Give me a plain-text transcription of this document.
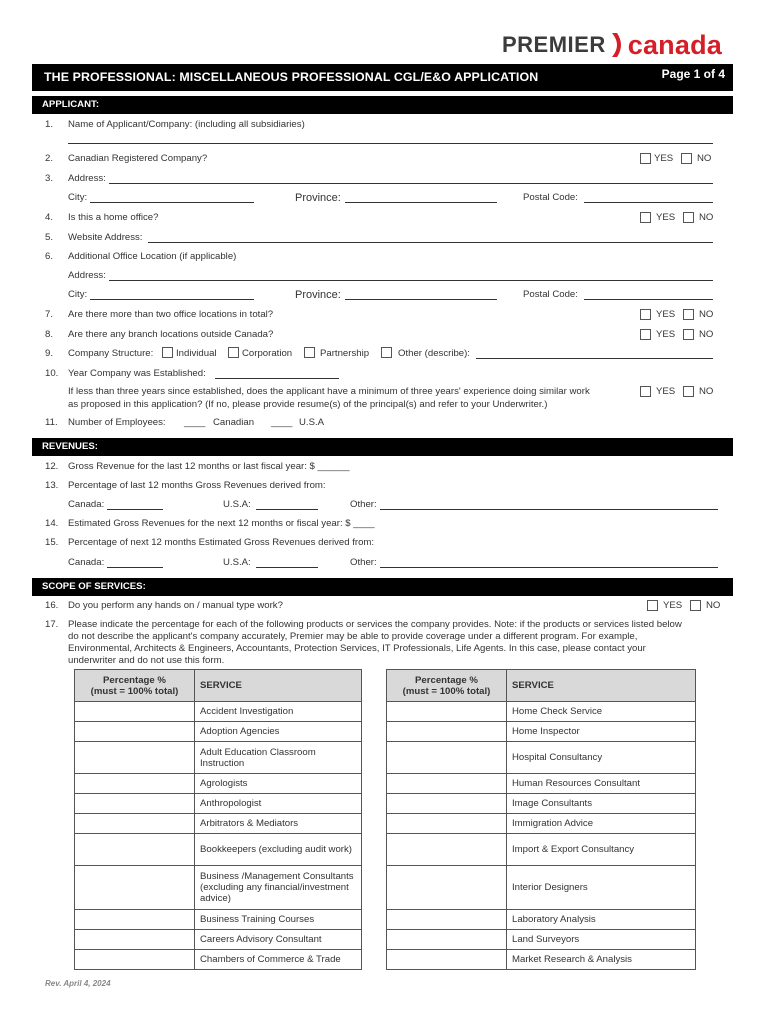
PREMIER canada
THE PROFESSIONAL: MISCELLANEOUS PROFESSIONAL CGL/E&O APPLICATION	Page 1 of 4
APPLICANT:
1. Name of Applicant/Company: (including all subsidiaries)
2. Canadian Registered Company?	YES NO
3. Address:
City:	Province:	Postal Code:
4. Is this a home office?	YES NO
5. Website Address:
6. Additional Office Location (if applicable)
Address:
City:	Province:	Postal Code:
7. Are there more than two office locations in total?	YES NO
8. Are there any branch locations outside Canada?	YES NO
9. Company Structure: Individual	Corporation	Partnership	Other (describe):
10. Year Company was Established:
If less than three years since established, does the applicant have a minimum of three years' experience doing similar work
as proposed in this application? (If no, please provide resume(s) of the principal(s) and refer to your Underwriter.)
YES NO
11. Number of Employees: ____ Canadian ____ U.S.A
REVENUES:
12. Gross Revenue for the last 12 months or last fiscal year: $ ______
13. Percentage of last 12 months Gross Revenues derived from:
Canada:	U.S.A:	Other:
14. Estimated Gross Revenues for the next 12 months or fiscal year: $ ____
15. Percentage of next 12 months Estimated Gross Revenues derived from:
Canada:	U.S.A:	Other:
SCOPE OF SERVICES:
16. Do you perform any hands on / manual type work?	YES NO
17. Please indicate the percentage for each of the following products or services the company provides. Note: if the products or services listed below
do not describe the applicant's company accurately, Premier may be able to provide coverage under a different program. For example,
Environmental, Architects & Engineers, Accountants, Protection Services, IT Professionals, Life Agents. In this case, please contact your
underwriter and do not use this form.
Percentage %
(must = 100% total)	SERVICE
	Accident Investigation
	Adoption Agencies
	Adult Education Classroom Instruction
	Agrologists
	Anthropologist
	Arbitrators & Mediators
	Bookkeepers (excluding audit work)
	Business /Management Consultants (excluding any financial/investment advice)
	Business Training Courses
	Careers Advisory Consultant
	Chambers of Commerce & Trade
Percentage %
(must = 100% total)	SERVICE
	Home Check Service
	Home Inspector
	Hospital Consultancy
	Human Resources Consultant
	Image Consultants
	Immigration Advice
	Import & Export Consultancy
	Interior Designers
	Laboratory Analysis
	Land Surveyors
	Market Research & Analysis
Rev. April 4, 2024
